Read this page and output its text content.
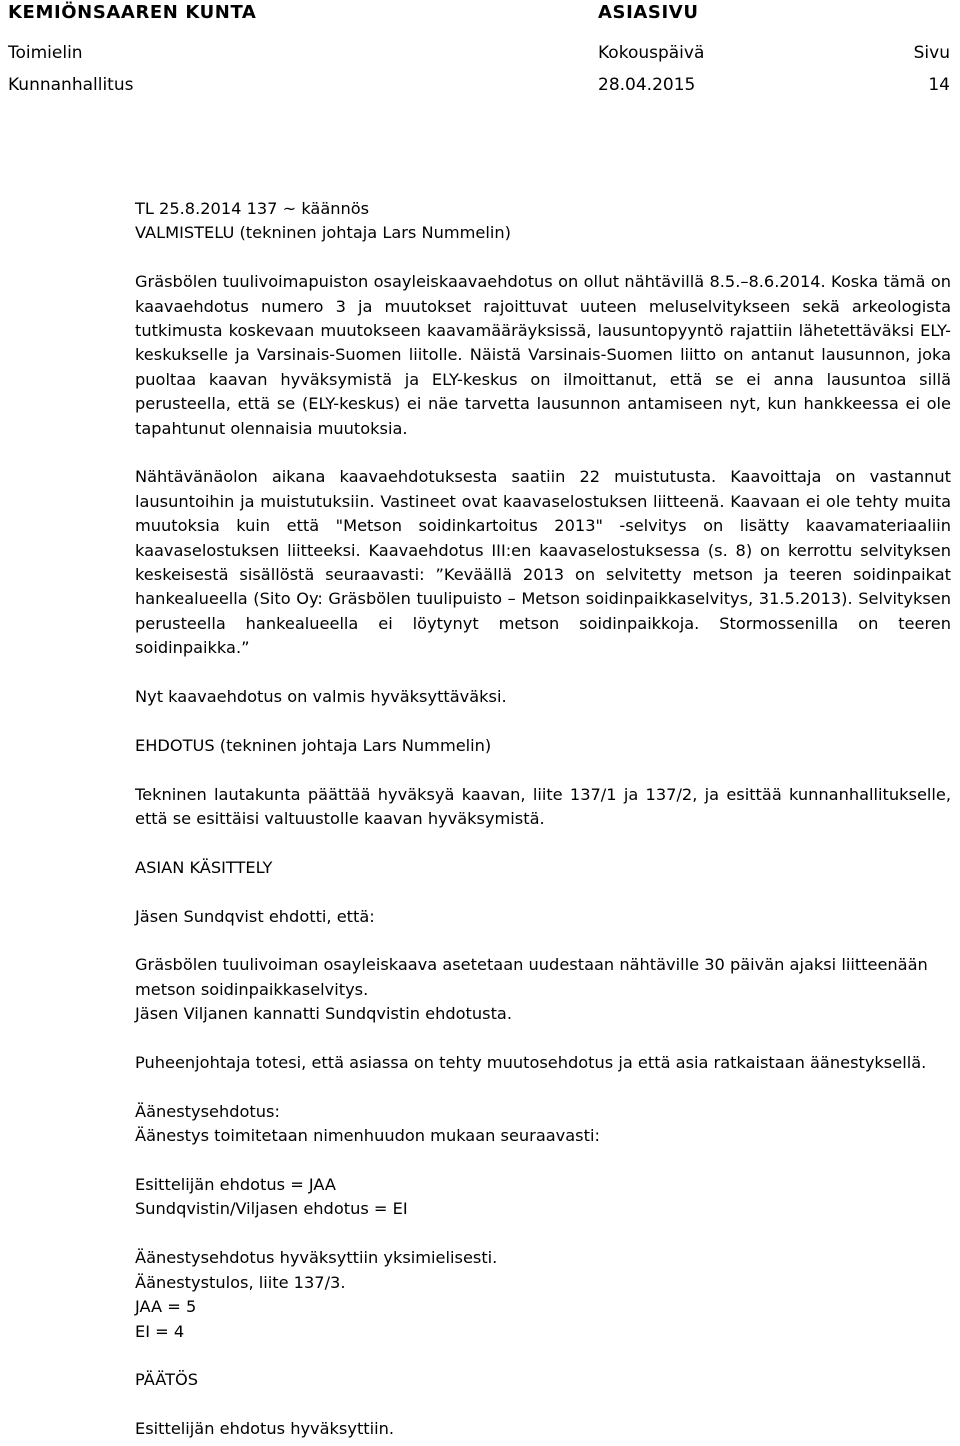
KEMIÖNSAAREN KUNTA	ASIASIVU
Toimielin	Kokouspäivä	Sivu
Kunnanhallitus	28.04.2015	14

TL 25.8.2014 137 ~ käännös

VALMISTELU (tekninen johtaja Lars Nummelin)

Gräsbölen tuulivoimapuiston osayleiskaavaehdotus on ollut nähtävillä 8.5.–8.6.2014. Koska tämä on kaavaehdotus numero 3 ja muutokset rajoittuvat uuteen meluselvitykseen sekä arkeologista tutkimusta koskevaan muutokseen kaavamääräyksissä, lausuntopyyntö rajattiin lähetettäväksi ELY-keskukselle ja Varsinais-Suomen liitolle. Näistä Varsinais-Suomen liitto on antanut lausunnon, joka puoltaa kaavan hyväksymistä ja ELY-keskus on ilmoittanut, että se ei anna lausuntoa sillä perusteella, että se (ELY-keskus) ei näe tarvetta lausunnon antamiseen nyt, kun hankkeessa ei ole tapahtunut olennaisia muutoksia.

Nähtävänäolon aikana kaavaehdotuksesta saatiin 22 muistutusta. Kaavoittaja on vastannut lausuntoihin ja muistutuksiin. Vastineet ovat kaavaselostuksen liitteenä. Kaavaan ei ole tehty muita muutoksia kuin että "Metson soidinkartoitus 2013" -selvitys on lisätty kaavamateriaaliin kaavaselostuksen liitteeksi. Kaavaehdotus III:en kaavaselostuksessa (s. 8) on kerrottu selvityksen keskeisestä sisällöstä seuraavasti: ”Keväällä 2013 on selvitetty metson ja teeren soidinpaikat hankealueella (Sito Oy: Gräsbölen tuulipuisto – Metson soidinpaikkaselvitys, 31.5.2013). Selvityksen perusteella hankealueella ei löytynyt metson soidinpaikkoja. Stormossenilla on teeren soidinpaikka.”

Nyt kaavaehdotus on valmis hyväksyttäväksi.

EHDOTUS (tekninen johtaja Lars Nummelin)

Tekninen lautakunta päättää hyväksyä kaavan, liite 137/1 ja 137/2, ja esittää kunnanhallitukselle, että se esittäisi valtuustolle kaavan hyväksymistä.

ASIAN KÄSITTELY

Jäsen Sundqvist ehdotti, että:

Gräsbölen tuulivoiman osayleiskaava asetetaan uudestaan nähtäville 30 päivän ajaksi liitteenään metson soidinpaikkaselvitys.

Jäsen Viljanen kannatti Sundqvistin ehdotusta.

Puheenjohtaja totesi, että asiassa on tehty muutosehdotus ja että asia ratkaistaan äänestyksellä.

Äänestysehdotus:

Äänestys toimitetaan nimenhuudon mukaan seuraavasti:

Esittelijän ehdotus = JAA

Sundqvistin/Viljasen ehdotus = EI

Äänestysehdotus hyväksyttiin yksimielisesti.

Äänestystulos, liite 137/3.

JAA = 5

EI = 4

PÄÄTÖS

Esittelijän ehdotus hyväksyttiin.
